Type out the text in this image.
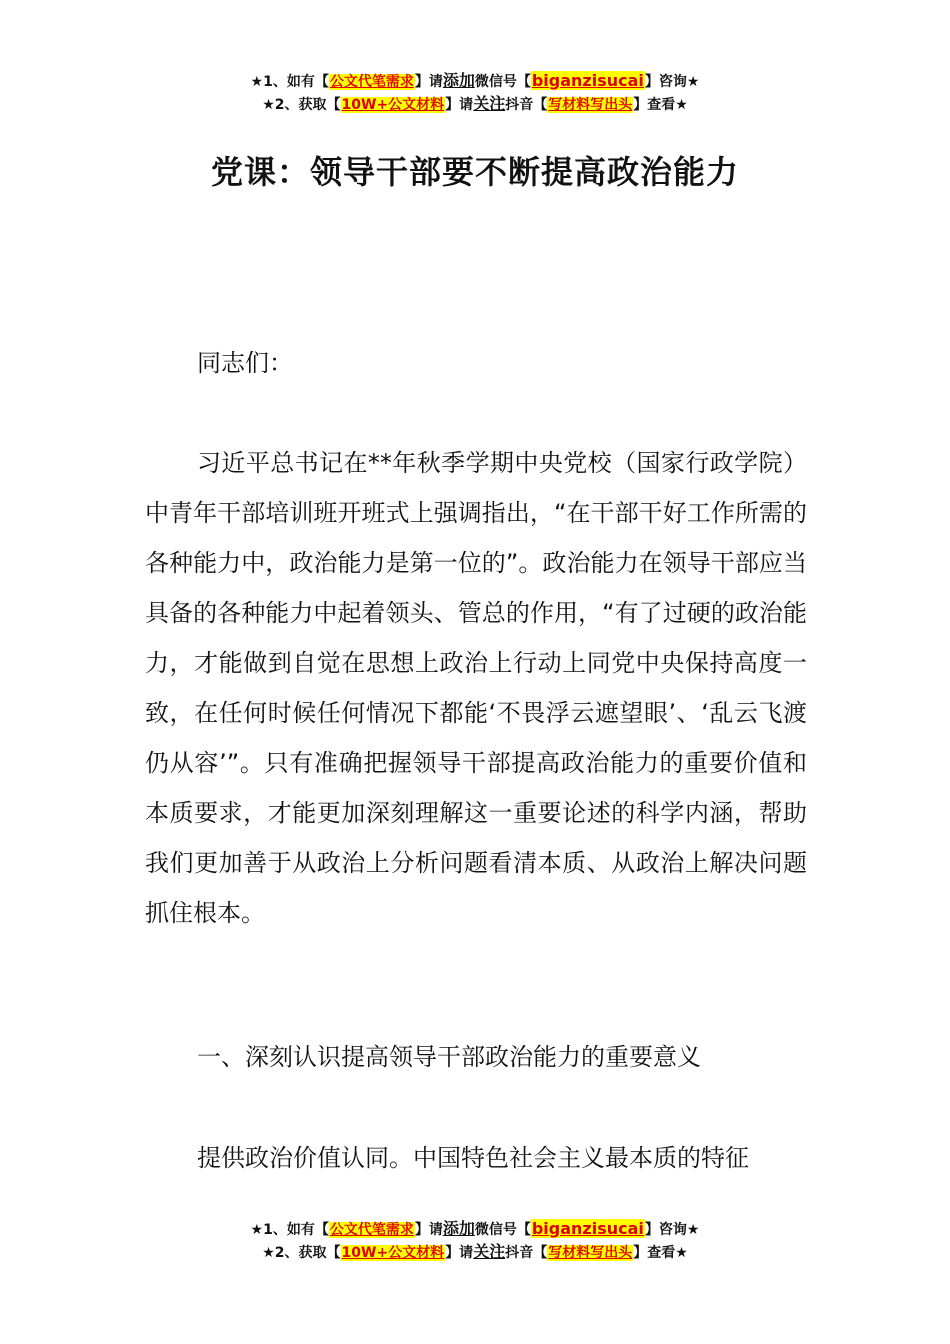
★1、如有【公文代笔需求】请添加微信号【biganzisucai】咨询★
★2、获取【10W+公文材料】请关注抖音【写材料写出头】查看★
党课：领导干部要不断提高政治能力

同志们：

习近平总书记在**年秋季学期中央党校（国家行政学院）中青年干部培训班开班式上强调指出，“在干部干好工作所需的各种能力中，政治能力是第一位的”。政治能力在领导干部应当具备的各种能力中起着领头、管总的作用，“有了过硬的政治能力，才能做到自觉在思想上政治上行动上同党中央保持高度一致，在任何时候任何情况下都能‘不畏浮云遮望眼’、‘乱云飞渡仍从容’”。只有准确把握领导干部提高政治能力的重要价值和本质要求，才能更加深刻理解这一重要论述的科学内涵，帮助我们更加善于从政治上分析问题看清本质、从政治上解决问题抓住根本。

一、深刻认识提高领导干部政治能力的重要意义

提供政治价值认同。中国特色社会主义最本质的特征

★1、如有【公文代笔需求】请添加微信号【biganzisucai】咨询★
★2、获取【10W+公文材料】请关注抖音【写材料写出头】查看★
